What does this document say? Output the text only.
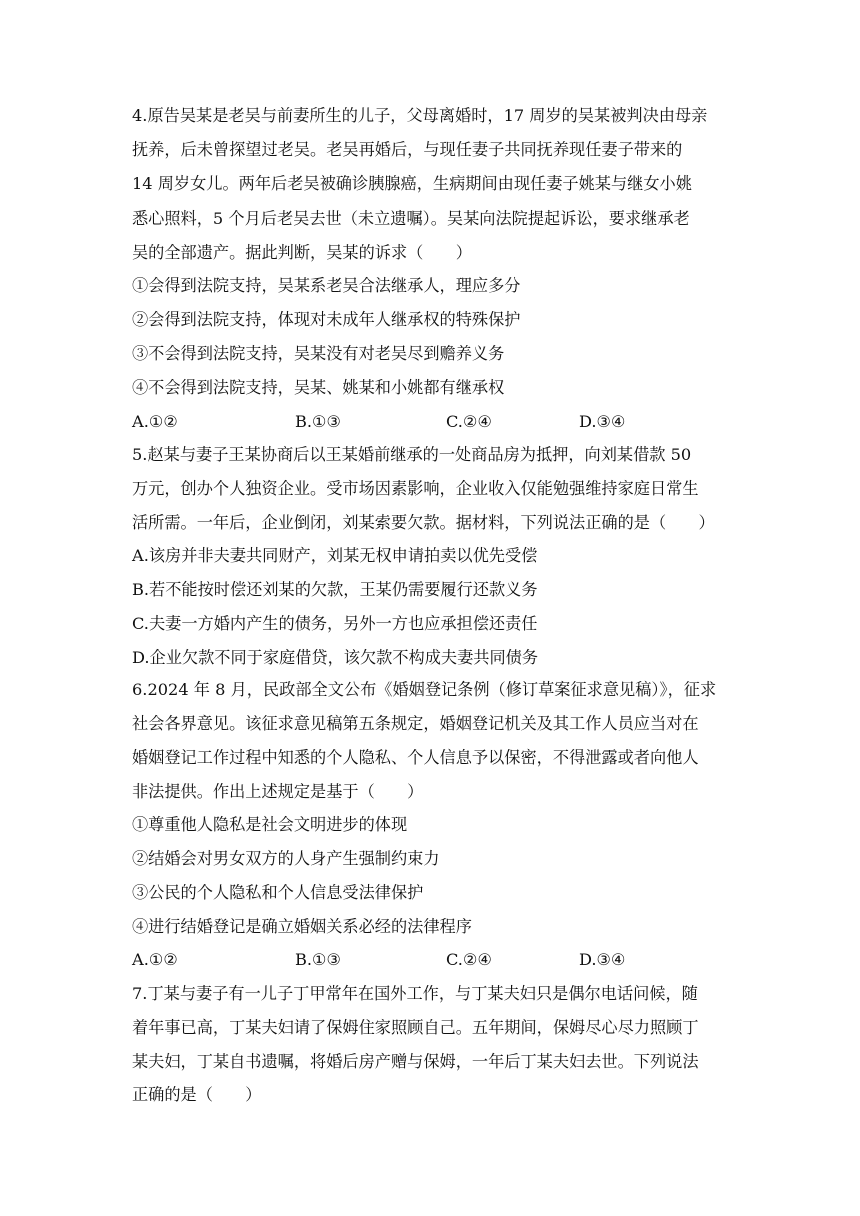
4.原告吴某是老吴与前妻所生的儿子，父母离婚时，17 周岁的吴某被判决由母亲
抚养，后未曾探望过老吴。老吴再婚后，与现任妻子共同抚养现任妻子带来的
14 周岁女儿。两年后老吴被确诊胰腺癌，生病期间由现任妻子姚某与继女小姚
悉心照料，5 个月后老吴去世（未立遗嘱）。吴某向法院提起诉讼，要求继承老
吴的全部遗产。据此判断，吴某的诉求（　　）
①会得到法院支持，吴某系老吴合法继承人，理应多分
②会得到法院支持，体现对未成年人继承权的特殊保护
③不会得到法院支持，吴某没有对老吴尽到赡养义务
④不会得到法院支持，吴某、姚某和小姚都有继承权
A.①②	B.①③	C.②④	D.③④
5.赵某与妻子王某协商后以王某婚前继承的一处商品房为抵押，向刘某借款 50
万元，创办个人独资企业。受市场因素影响，企业收入仅能勉强维持家庭日常生
活所需。一年后，企业倒闭，刘某索要欠款。据材料，下列说法正确的是（　　）
A.该房并非夫妻共同财产，刘某无权申请拍卖以优先受偿
B.若不能按时偿还刘某的欠款，王某仍需要履行还款义务
C.夫妻一方婚内产生的债务，另外一方也应承担偿还责任
D.企业欠款不同于家庭借贷，该欠款不构成夫妻共同债务
6.2024 年 8 月，民政部全文公布《婚姻登记条例（修订草案征求意见稿）》，征求
社会各界意见。该征求意见稿第五条规定，婚姻登记机关及其工作人员应当对在
婚姻登记工作过程中知悉的个人隐私、个人信息予以保密，不得泄露或者向他人
非法提供。作出上述规定是基于（　　）
①尊重他人隐私是社会文明进步的体现
②结婚会对男女双方的人身产生强制约束力
③公民的个人隐私和个人信息受法律保护
④进行结婚登记是确立婚姻关系必经的法律程序
A.①②	B.①③	C.②④	D.③④
7.丁某与妻子有一儿子丁甲常年在国外工作，与丁某夫妇只是偶尔电话问候，随
着年事已高，丁某夫妇请了保姆住家照顾自己。五年期间，保姆尽心尽力照顾丁
某夫妇，丁某自书遗嘱，将婚后房产赠与保姆，一年后丁某夫妇去世。下列说法
正确的是（　　）
